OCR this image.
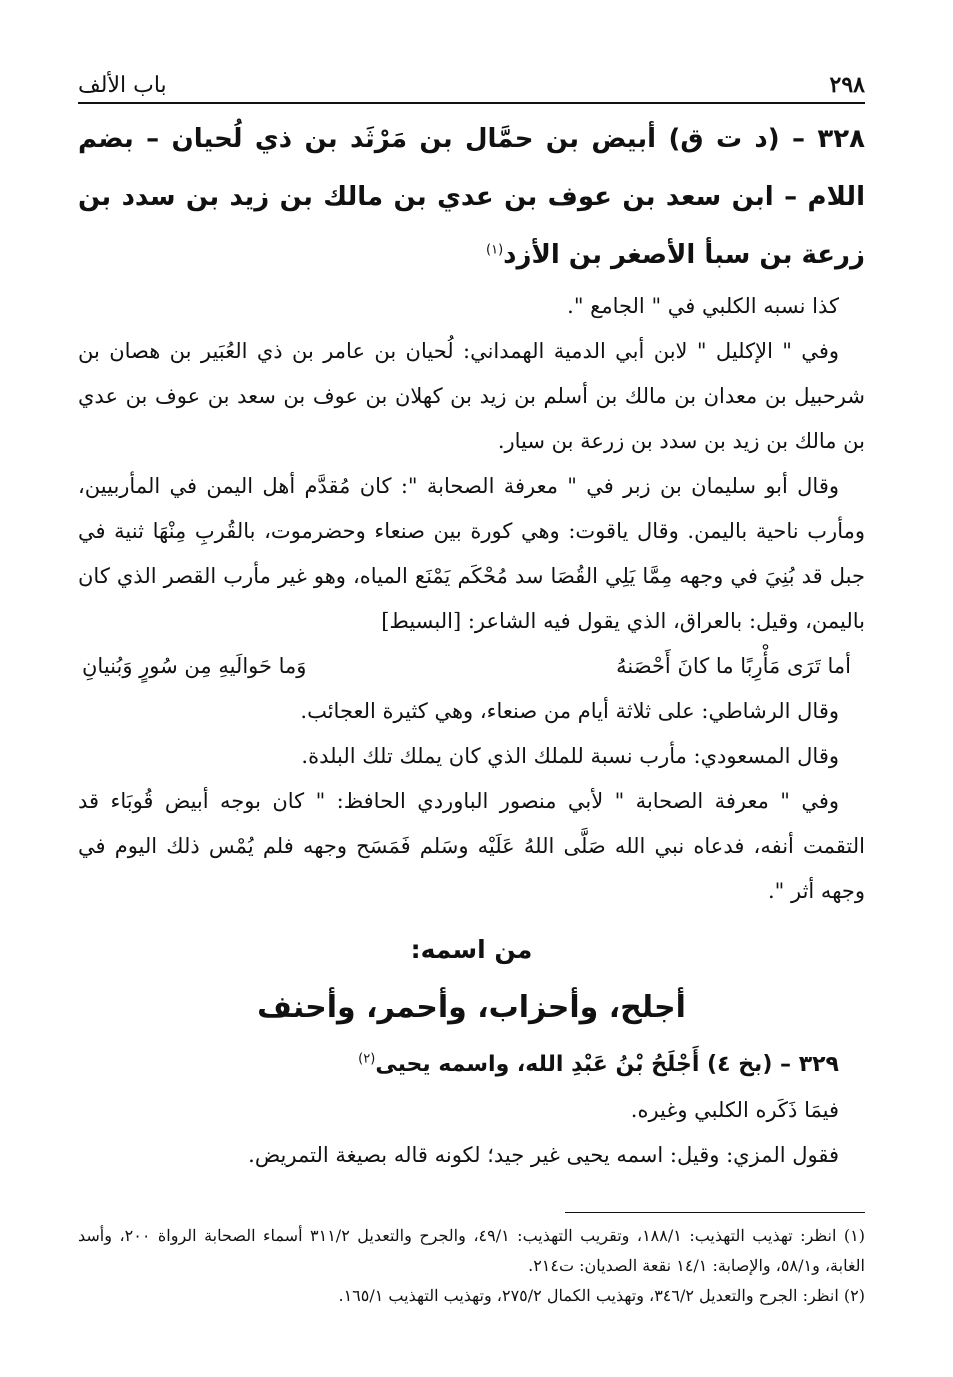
٢٩٨
باب الألف
٣٢٨ – (د ت ق) أبيض بن حمَّال بن مَرْثَد بن ذي لُحيان – بضم اللام – ابن سعد بن عوف بن عدي بن مالك بن زيد بن سدد بن زرعة بن سبأ الأصغر بن الأزد$^{(١)}$

كذا نسبه الكلبي في " الجامع ".

وفي " الإكليل " لابن أبي الدمية الهمداني: لُحيان بن عامر بن ذي العُبَير بن هصان بن شرحبيل بن معدان بن مالك بن أسلم بن زيد بن كهلان بن عوف بن سعد بن عوف بن عدي بن مالك بن زيد بن سدد بن زرعة بن سيار.

وقال أبو سليمان بن زبر في " معرفة الصحابة ": كان مُقدَّم أهل اليمن في المأربيين، ومأرب ناحية باليمن. وقال ياقوت: وهي كورة بين صنعاء وحضرموت، بالقُربِ مِنْهَا ثنية في جبل قد بُنِيَ في وجهه مِمَّا يَلِي القُصَا سد مُحْكَم يَمْنَع المياه، وهو غير مأرب القصر الذي كان باليمن، وقيل: بالعراق، الذي يقول فيه الشاعر: [البسيط]

أما تَرَى مَأْرِبًا ما كانَ أَحْصَنهُ
وَما حَوالَيهِ مِن سُورٍ وَبُنيانِ

وقال الرشاطي: على ثلاثة أيام من صنعاء، وهي كثيرة العجائب.

وقال المسعودي: مأرب نسبة للملك الذي كان يملك تلك البلدة.

وفي " معرفة الصحابة " لأبي منصور الباوردي الحافظ: " كان بوجه أبيض قُوبَاء قد التقمت أنفه، فدعاه نبي الله صَلَّى اللهُ عَلَيْه وسَلم فَمَسَح وجهه فلم يُمْس ذلك اليوم في وجهه أثر ".

من اسمه:
أجلح، وأحزاب، وأحمر، وأحنف
٣٢٩ – (بخ ٤) أَجْلَحُ بْنُ عَبْدِ الله، واسمه يحيى$^{(٢)}$

فيمَا ذَكَره الكلبي وغيره.

فقول المزي: وقيل: اسمه يحيى غير جيد؛ لكونه قاله بصيغة التمريض.

(١) انظر: تهذيب التهذيب: ١٨٨/١، وتقريب التهذيب: ٤٩/١، والجرح والتعديل ٣١١/٢ أسماء الصحابة الرواة ٢٠٠، وأسد الغابة، و٥٨/١، والإصابة: ١٤/١ نقعة الصديان: ت٢١٤.

(٢) انظر: الجرح والتعديل ٣٤٦/٢، وتهذيب الكمال ٢٧٥/٢، وتهذيب التهذيب ١٦٥/١.
